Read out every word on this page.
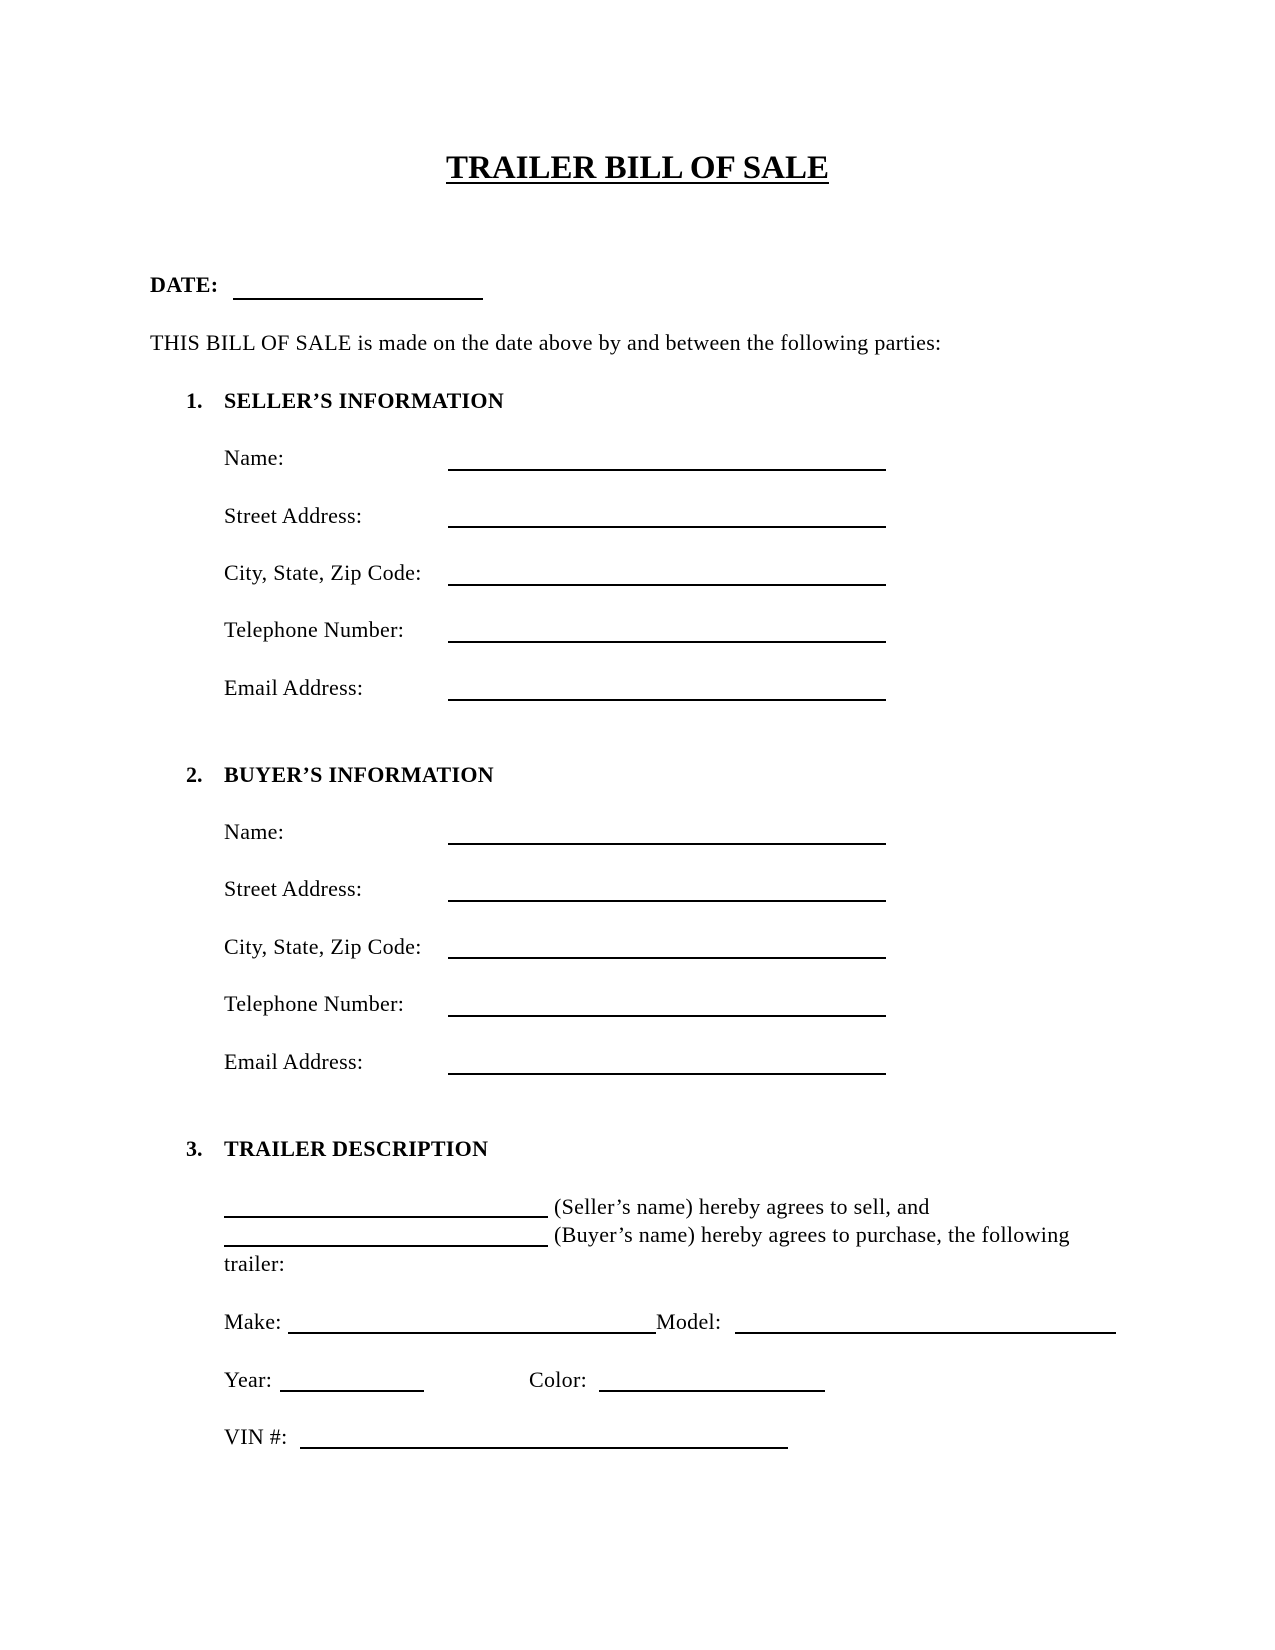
TRAILER BILL OF SALE
DATE:
THIS BILL OF SALE is made on the date above by and between the following parties:
1. SELLER’S INFORMATION
Name:
Street Address:
City, State, Zip Code:
Telephone Number:
Email Address:
2. BUYER’S INFORMATION
Name:
Street Address:
City, State, Zip Code:
Telephone Number:
Email Address:
3. TRAILER DESCRIPTION
(Seller’s name) hereby agrees to sell, and
(Buyer’s name) hereby agrees to purchase, the following
trailer:
Make:	Model:
Year:	Color:
VIN #:
